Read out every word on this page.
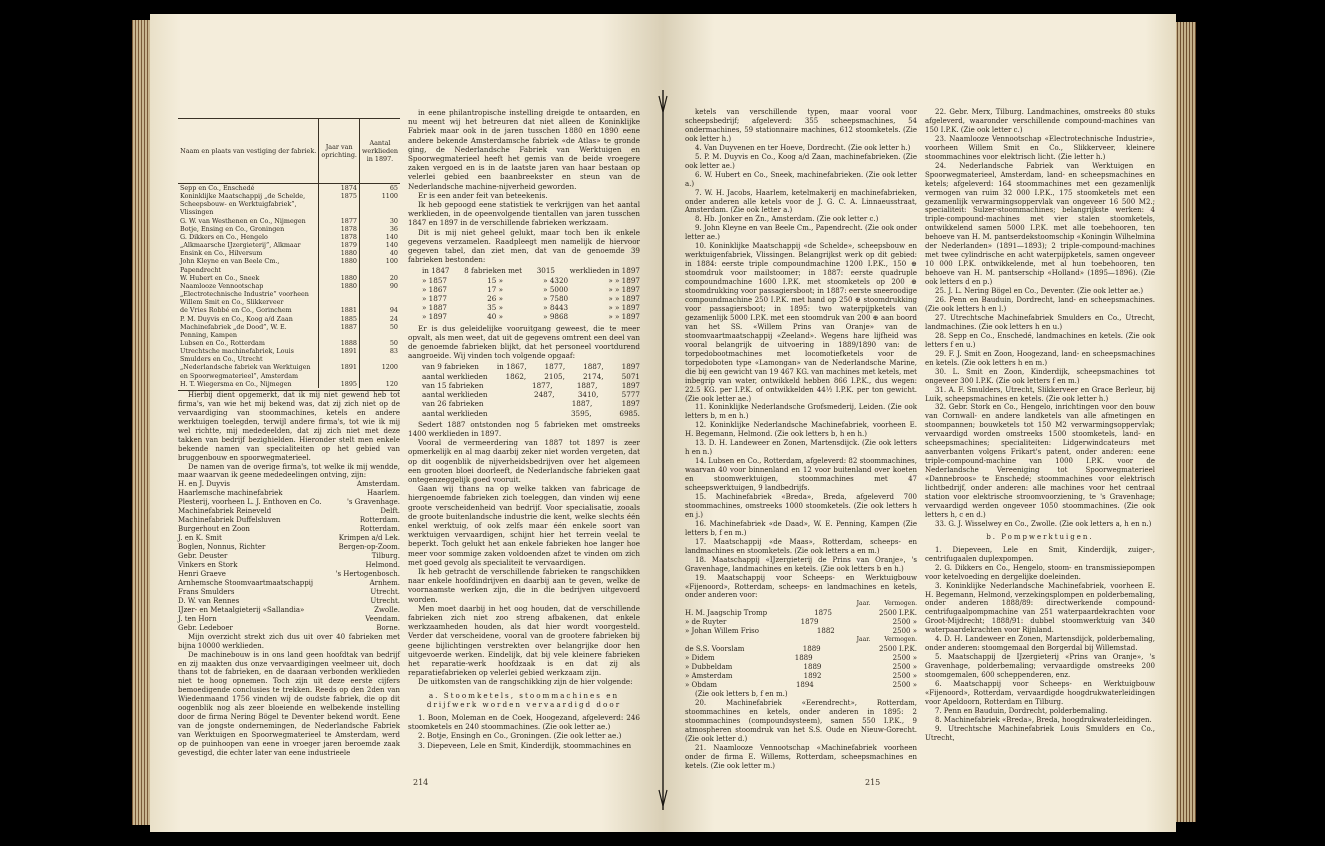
Naam en plaats van vestiging der fabriek.	Jaar van oprichting.	Aantal werklieden in 1897.
Sepp en Co., Enschedé	1874	65
Koninklijke Maatschappij „de Schelde, Scheepsbouw- en Werktuigfabriek”, Vlissingen	1875	1100
G. W. van Westhenen en Co., Nijmegen	1877	30
Botje, Ensing en Co., Groningen	1878	36
G. Dikkers en Co., Hengelo	1878	140
„Alkmaarsche IJzergieterij”, Alkmaar	1879	140
Ensink en Co., Hilversum	1880	40
John Kleyne en van Beele Cm., Papendrecht	1880	100
W. Hubert en Co., Sneek	1880	20
Naamlooze Vennootschap „Electrotechnische Industrie” voorheen Willem Smit en Co., Slikkerveer	1880	90
de Vries Robbé en Co., Gorinchem	1881	94
P. M. Duyvis en Co., Koog a/d Zaan	1885	24
Machinefabriek „de Dood”, W. E. Penning, Kampen	1887	50
Lubsen en Co., Rotterdam	1888	50
Utrechtsche machinefabriek, Louis Smulders en Co., Utrecht	1891	83
„Nederlandsche fabriek van Werktuigen en Spoorwegmaterieel”, Amsterdam	1891	1200
H. T. Wiegersma en Co., Nijmegen	1895	120

Hierbij dient opgemerkt, dat ik mij niet gewend heb tot firma's, van wie het mij bekend was, dat zij zich niet op de vervaardiging van stoommachines, ketels en andere werktuigen toelegden, terwijl andere firma's, tot wie ik mij wel richtte, mij mededeelden, dat zij zich niet met deze takken van bedrijf bezighielden. Hieronder stelt men enkele bekende namen van specialiteiten op het gebied van bruggenbouw en spoorwegmaterieel.

De namen van de overige firma's, tot welke ik mij wendde, maar waarvan ik geene mededeelingen ontving, zijn:

H. en J. Duyvis	Amsterdam.
Haarlemsche machinefabriek	Haarlem.
Plesterij, voorheen L. J. Enthoven en Co.	's Gravenhage.
Machinefabriek Reineveld	Delft.
Machinefabriek Duffelsluven	Rotterdam.
Burgerhout en Zoon	Rotterdam.
J. en K. Smit	Krimpen a/d Lek.
Boglen, Nonnus, Richter	Bergen-op-Zoom.
Gebr. Deuster	Tilburg.
Vinkers en Stork	Helmond.
Henri Graeve	's Hertogenbosch.
Arnhemsche Stoomvaartmaatschappij	Arnhem.
Frans Smulders	Utrecht.
D. W. van Rennes	Utrecht.
IJzer- en Metaalgieterij «Sallandia»	Zwolle.
J. ten Horn	Veendam.
Gebr. Ledeboer	Borne.

Mijn overzicht strekt zich dus uit over 40 fabrieken met bijna 10000 werklieden.

De machinebouw is in ons land geen hoofdtak van bedrijf en zij maakten dus onze vervaardigingen veelmeer uit, doch thans tot de fabrieken, en de daaraan verbonden werklieden niet te hoog opnemen. Toch zijn uit deze eerste cijfers bemoedigende conclusies te trekken. Reeds op den 2den van Wiedenmaand 1756 vinden wij de oudste fabriek, die op dit oogenblik nog als zeer bloeiende en welbekende instelling door de firma Nering Bögel te Deventer bekend wordt. Eene van de jongste ondernemingen, de Nederlandsche Fabriek van Werktuigen en Spoorwegmaterieel te Amsterdam, werd op de puinhoopen van eene in vroeger jaren beroemde zaak gevestigd, die echter later van eene industrieele

in eene philantropische instelling dreigde te ontaarden, en nu meent wij het betreuren dat niet alleen de Koninklijke Fabriek maar ook in de jaren tusschen 1880 en 1890 eene andere bekende Amsterdamsche fabriek «de Atlas» te gronde ging, de Nederlandsche Fabriek van Werktuigen en Spoorwegmaterieel heeft het gemis van de beide vroegere zaken vergoed en is in de laatste jaren van haar bestaan op velerlei gebied een baanbreekster en steun van de Nederlandsche machine-nijverheid geworden.

Er is een ander feit van beteekenis.

Ik heb gepoogd eene statistiek te verkrijgen van het aantal werklieden, in de opeenvolgende tientallen van jaren tusschen 1847 en 1897 in de verschillende fabrieken werkzaam.

Dit is mij niet geheel gelukt, maar toch ben ik enkele gegevens verzamelen. Raadpleegt men namelijk de hiervoor gegeven tabel, dan ziet men, dat van de genoemde 39 fabrieken bestonden:

in 1847 8 fabrieken met 3015 werklieden in 1897
» 1857	15 »	» 4320	» » 1897
» 1867	17 »	» 5000	» » 1897
» 1877	26 »	» 7580	» » 1897
» 1887	35 »	» 8443	» » 1897
» 1897	40 »	» 9868	» » 1897

Er is dus geleidelijke vooruitgang geweest, die te meer opvalt, als men weet, dat uit de gegevens omtrent een deel van de genoemde fabrieken blijkt, dat het personeel voortdurend aangroeide. Wij vinden toch volgende opgaaf:

van 9 fabrieken in 1867, 1877, 1887, 1897
aantal werklieden	1862,	2105,	2174,	5071
van 15 fabrieken	1877,	1887,	1897
aantal werklieden	2487,	3410,	5777
van 26 fabrieken	1887,	1897
aantal werklieden	3595,	6985.

Sedert 1887 ontstonden nog 5 fabrieken met omstreeks 1400 werklieden in 1897.

Vooral de vermeerdering van 1887 tot 1897 is zeer opmerkelijk en al mag daarbij zeker niet worden vergeten, dat op dit oogenblik de nijverheidsbedrijven over het algemeen een grooten bloei doorleeft, de Nederlandsche fabrieken gaat ontegenzeggelijk goed vooruit.

Gaan wij thans na op welke takken van fabricage de hiergenoemde fabrieken zich toeleggen, dan vinden wij eene groote verscheidenheid van bedrijf. Voor specialisatie, zooals de groote buitenlandsche industrie die kent, welke slechts één enkel werktuig, of ook zelfs maar één enkele soort van werktuigen vervaardigen, schijnt hier het terrein veelal te beperkt. Toch gelukt het aan enkele fabrieken hoe langer hoe meer voor sommige zaken voldoenden afzet te vinden om zich met goed gevolg als specialiteit te vervaardigen.

Ik heb getracht de verschillende fabrieken te rangschikken naar enkele hoofdindrijven en daarbij aan te geven, welke de voornaamste werken zijn, die in die bedrijven uitgevoerd worden.

Men moet daarbij in het oog houden, dat de verschillende fabrieken zich niet zoo streng afbakenen, dat enkele werkzaamheden houden, als dat hier wordt voorgesteld. Verder dat verscheidene, vooral van de grootere fabrieken bij geene bijlichtingen verstrekten over belangrijke door hen uitgevoerde werken. Eindelijk, dat bij vele kleinere fabrieken het reparatie-werk hoofdzaak is en dat zij als reparatiefabrieken op velerlei gebied werkzaam zijn.

De uitkomsten van de rangschikking zijn de hier volgende:

a. Stoomketels, stoommachines en drijfwerk worden vervaardigd door

1. Boon, Moleman en de Coek, Hoogezand, afgeleverd: 246 stoomketels en 240 stoommachines. (Zie ook letter ae.)

2. Botje, Ensingh en Co., Groningen. (Zie ook letter ae.)

3. Diepeveen, Lele en Smit, Kinderdijk, stoommachines en

214

ketels van verschillende typen, maar vooral voor scheepsbedrijf; afgeleverd: 355 scheepsmachines, 54 ondermachines, 59 stationnaire machines, 612 stoomketels. (Zie ook letter h.)

4. Van Duyvenen en ter Hoeve, Dordrecht. (Zie ook letter h.)

5. P. M. Duyvis en Co., Koog a/d Zaan, machinefabrieken. (Zie ook letter ae.)

6. W. Hubert en Co., Sneek, machinefabrieken. (Zie ook letter a.)

7. W. H. Jacobs, Haarlem, ketelmakerij en machinefabrieken, onder anderen alle ketels voor de J. G. C. A. Linnaeusstraat, Amsterdam. (Zie ook letter a.)

8. Hb. Jonker en Zn., Amsterdam. (Zie ook letter c.)

9. John Kleyne en van Beele Cm., Papendrecht. (Zie ook onder letter ae.)

10. Koninklijke Maatschappij «de Schelde», scheepsbouw en werktuigenfabriek, Vlissingen. Belangrijkst werk op dit gebied: in 1884: eerste triple compoundmachine 1200 I.P.K., 150 ⊕ stoomdruk voor mailstoomer; in 1887: eerste quadruple compoundmachine 1600 I.P.K. met stoomketels op 200 ⊕ stoomdrukking voor passagiersboot; in 1887: eerste sneeroodige compoundmachine 250 I.P.K. met hand op 250 ⊕ stoomdrukking voor passagiersboot; in 1895: two waterpijpketels van gezamenlijk 5000 I.P.K. met een stoomdruk van 200 ⊕ aan boord van het SS. «Willem Prins van Oranje» van de stoomvaartmaatschappij «Zeeland». Wegens hare lijfheid was vooral belangrijk de uitvoering in 1889/1890 van: de torpedobootmachines met locomotiefketels voor de torpedoboten type «Lamongan» van de Nederlandsche Marine, die bij een gewicht van 19 467 KG. van machines met ketels, met inbegrip van water, ontwikkeld hebben 866 I.P.K., dus wegen: 22.5 KG. per I.P.K. of ontwikkelden 44½ I.P.K. per ton gewicht. (Zie ook letter ae.)

11. Koninklijke Nederlandsche Grofsmederij, Leiden. (Zie ook letters b, m en h.)

12. Koninklijke Nederlandsche Machinefabriek, voorheen E. H. Begemann, Helmond. (Zie ook letters b, h en h.)

13. D. H. Landeweer en Zonen, Martensdijck. (Zie ook letters h en n.)

14. Lubsen en Co., Rotterdam, afgeleverd: 82 stoommachines, waarvan 40 voor binnenland en 12 voor buitenland over koeten en stoomwerktuigen, stoommachines met 47 scheepswerktuigen, 9 landbedrijfs.

15. Machinefabriek «Breda», Breda, afgeleverd 700 stoommachines, omstreeks 1000 stoomketels. (Zie ook letters h en j.)

16. Machinefabriek «de Daad», W. E. Penning, Kampen (Zie letters b, f en m.)

17. Maatschappij «de Maas», Rotterdam, scheeps- en landmachines en stoomketels. (Zie ook letters a en m.)

18. Maatschappij «IJzergieterij de Prins van Oranje», 's Gravenhage, landmachines en ketels. (Zie ook letters b en h.)

19. Maatschappij voor Scheeps- en Werktuigbouw «Fijenoord», Rotterdam, scheeps- en landmachines en ketels, onder anderen voor:

Jaar. Vermogen.
H. M. Jaagschip Tromp	1875	2500 I.P.K.
» de Ruyter	1879	2500 »
» Johan Willem Friso	1882	2500 »
Jaar. Vermogen.
de S.S. Voorslam	1889	2500 I.P.K.
» Didem	1889	2500 »
» Dubbeldam	1889	2500 »
» Amsterdam	1892	2500 »
» Obdam	1894	2500 »

(Zie ook letters b, f en m.)

20. Machinefabriek «Eerendrecht», Rotterdam, stoommachines en ketels, onder anderen in 1895: 2 stoommachines (compoundsysteem), samen 550 I.P.K., 9 atmospheren stoomdruk van het S.S. Oude en Nieuw-Gorecht. (Zie ook letter d.)

21. Naamlooze Vennootschap «Machinefabriek voorheen onder de firma E. Willems, Rotterdam, scheepsmachines en ketels. (Zie ook letter m.)

22. Gebr. Merx, Tilburg. Landmachines, omstreeks 80 stuks afgeleverd, waaronder verschillende compound-machines van 150 I.P.K. (Zie ook letter c.)

23. Naamlooze Vennootschap «Electrotechnische Industrie», voorheen Willem Smit en Co., Slikkerveer, kleinere stoommachines voor elektrisch licht. (Zie letter h.)

24. Nederlandsche Fabriek van Werktuigen en Spoorwegmaterieel, Amsterdam, land- en scheepsmachines en ketels; afgeleverd: 164 stoommachines met een gezamenlijk vermogen van ruim 32 000 I.P.K., 175 stoomketels met een gezamenlijk verwarmingsoppervlak van ongeveer 16 500 M2.; specialiteit: Sulzer-stoommachines; belangrijkste werken: 4 triple-compound-machines met vier stalen stoomketels, ontwikkelend samen 5000 I.P.K. met alle toebehooren, ten behoeve van H. M. pantserdekstoomschip «Koningin Wilhelmina der Nederlanden» (1891—1893); 2 triple-compound-machines met twee cylindrische en acht waterpijpketels, samen ongeveer 10 000 I.P.K. ontwikkelende, met al hun toebehooren, ten behoeve van H. M. pantserschip «Holland» (1895—1896). (Zie ook letters d en p.)

25. J. L. Nering Bögel en Co., Deventer. (Zie ook letter ae.)

26. Penn en Bauduin, Dordrecht, land- en scheepsmachines. (Zie ook letters h en l.)

27. Utrechtsche Machinefabriek Smulders en Co., Utrecht, landmachines. (Zie ook letters h en u.)

28. Sepp en Co., Enschedé, landmachines en ketels. (Zie ook letters f en u.)

29. F. J. Smit en Zoon, Hoogezand, land- en scheepsmachines en ketels. (Zie ook letters h en m.)

30. L. Smit en Zoon, Kinderdijk, scheepsmachines tot ongeveer 300 I.P.K. (Zie ook letters f en m.)

31. A. F. Smulders, Utrecht, Slikkerveer en Grace Berleur, bij Luik, scheepsmachines en ketels. (Zie ook letter h.)

32. Gebr. Stork en Co., Hengelo, inrichtingen voor den bouw van Cornwall- en andere landketels van alle afmetingen en stoompannen; bouwketels tot 150 M2 verwarmingsoppervlak; vervaardigd worden omstreeks 1500 stoomketels, land- en scheepsmachines; specialiteiten: Lidgerwindcateurs met aanverbanten volgens Frikart's patent, onder anderen: eene triple-compound-machine van 1000 I.P.K. voor de Nederlandsche Vereeniging tot Spoorwegmaterieel «Dannebroos» te Enschedé; stoommachines voor elektrisch lichtbedrijf, onder anderen: alle machines voor het centraal station voor elektrische stroomvoorziening, te 's Gravenhage; vervaardigd werden ongeveer 1050 stoommachines. (Zie ook letters h, c en d.)

33. G. J. Wisselwey en Co., Zwolle. (Zie ook letters a, h en n.)

b. Pompwerktuigen.

1. Diepeveen, Lele en Smit, Kinderdijk, zuiger-, centrifugaalen duplexpompen.

2. G. Dikkers en Co., Hengelo, stoom- en transmissiepompen voor ketelvoeding en dergelijke doeleinden.

3. Koninklijke Nederlandsche Machinefabriek, voorheen E. H. Begemann, Helmond, verzekingsplompen en polderbemaling, onder anderen 1888/89: directwerkende compound-centrifugaalpompmachine van 251 waterpaardekrachten voor Groot-Mijdrecht; 1888/91: dubbel stoomwerktuig van 340 waterpaardekrachten voor Rijnland.

4. D. H. Landeweer en Zonen, Martensdijck, polderbemaling, onder anderen: stoomgemaal den Borgerdal bij Willemstad.

5. Maatschappij de IJzergieterij «Prins van Oranje», 's Gravenhage, polderbemaling; vervaardigde omstreeks 200 stoomgemalen, 600 scheppenderen, enz.

6. Maatschappij voor Scheeps- en Werktuigbouw «Fijenoord», Rotterdam, vervaardigde hoogdrukwaterleidingen voor Apeldoorn, Rotterdam en Tilburg.

7. Penn en Bauduin, Dordrecht, polderbemaling.

8. Machinefabriek «Breda», Breda, hoogdrukwaterleidingen.

9. Utrechtsche Machinefabriek Louis Smulders en Co., Utrecht,

215
